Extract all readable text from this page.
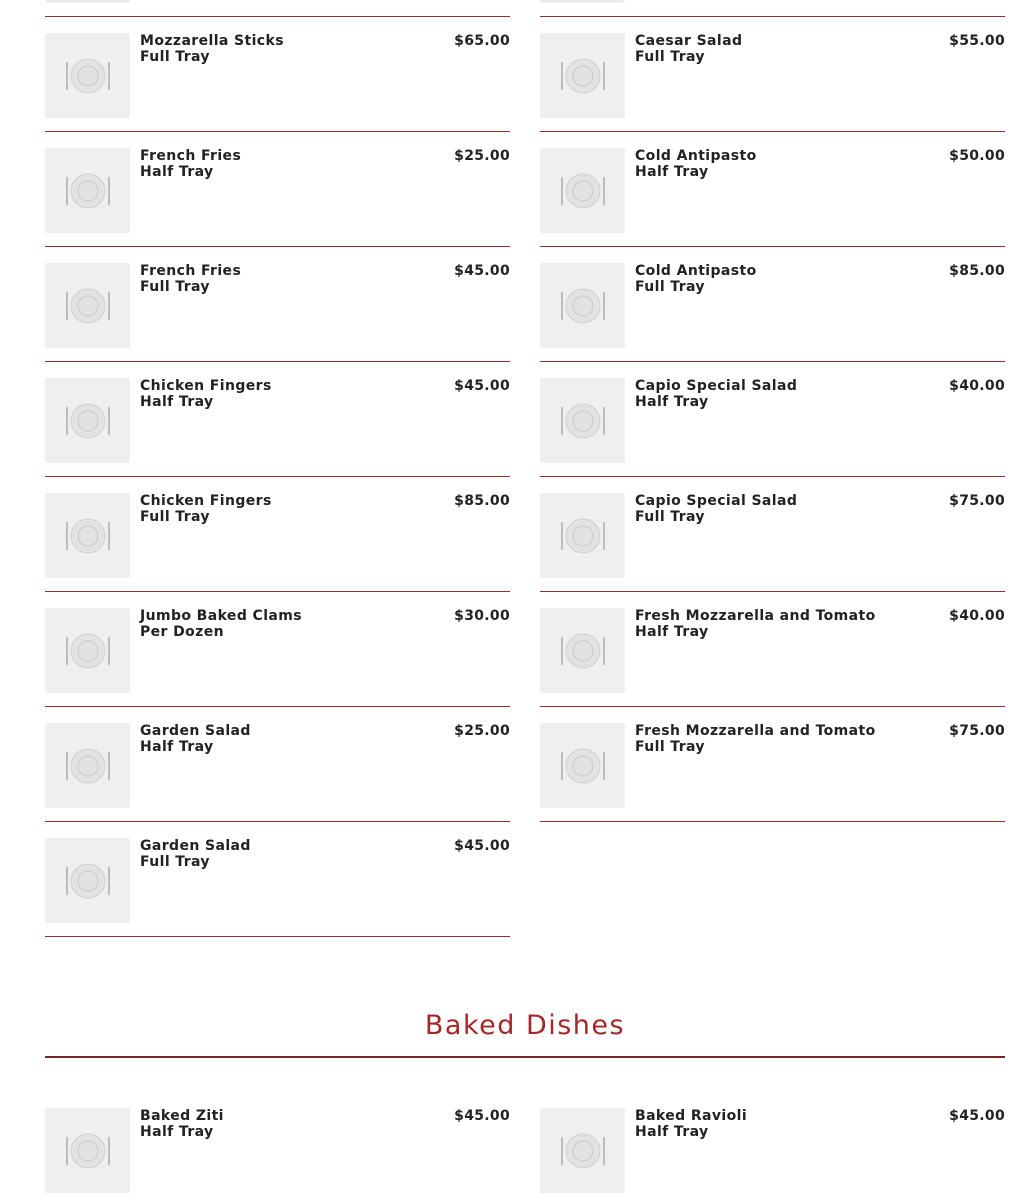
Mozzarella Sticks
Full Tray
$65.00
French Fries
Half Tray
$25.00
French Fries
Full Tray
$45.00
Chicken Fingers
Half Tray
$45.00
Chicken Fingers
Full Tray
$85.00
Jumbo Baked Clams
Per Dozen
$30.00
Garden Salad
Half Tray
$25.00
Garden Salad
Full Tray
$45.00
Caesar Salad
Full Tray
$55.00
Cold Antipasto
Half Tray
$50.00
Cold Antipasto
Full Tray
$85.00
Capio Special Salad
Half Tray
$40.00
Capio Special Salad
Full Tray
$75.00
Fresh Mozzarella and Tomato
Half Tray
$40.00
Fresh Mozzarella and Tomato
Full Tray
$75.00
Baked Dishes
Baked Ziti
Half Tray
$45.00	Baked Ravioli
Half Tray
$45.00
